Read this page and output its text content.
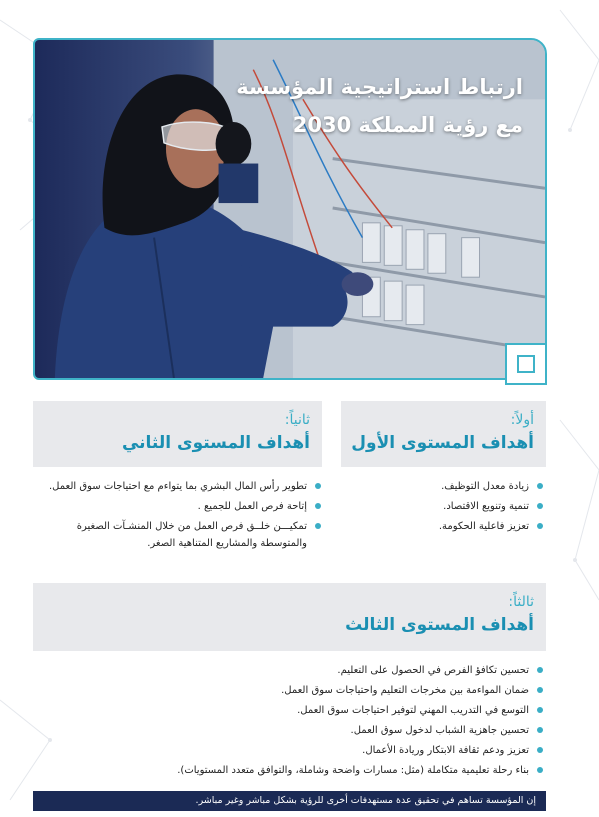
ارتباط استراتيجية المؤسسة
مع رؤية المملكة 2030
أولاً:
أهداف المستوى الأول
زيادة معدل التوظيف.
تنمية وتنويع الاقتصاد.
تعزيز فاعلية الحكومة.
ثانياً:
أهداف المستوى الثاني
تطوير رأس المال البشري بما يتواءم مع احتياجات سوق العمل.
إتاحة فرص العمل للجميع .
تمكيـــن خلــق فرص العمل من خلال المنشـآت الصغيرة والمتوسطة والمشاريع المتناهية الصغر.
ثالثاً:
أهداف المستوى الثالث
تحسين تكافؤ الفرص في الحصول على التعليم.
ضمان المواءمة بين مخرجات التعليم واحتياجات سوق العمل.
التوسع في التدريب المهني لتوفير احتياجات سوق العمل.
تحسين جاهزية الشباب لدخول سوق العمل.
تعزيز ودعم ثقافة الابتكار وريادة الأعمال.
بناء رحلة تعليمية متكاملة (مثل: مسارات واضحة وشاملة، والتوافق متعدد المستويات).
إن المؤسسة تساهم في تحقيق عدة مستهدفات أخرى للرؤية بشكل مباشر وغير مباشر.
